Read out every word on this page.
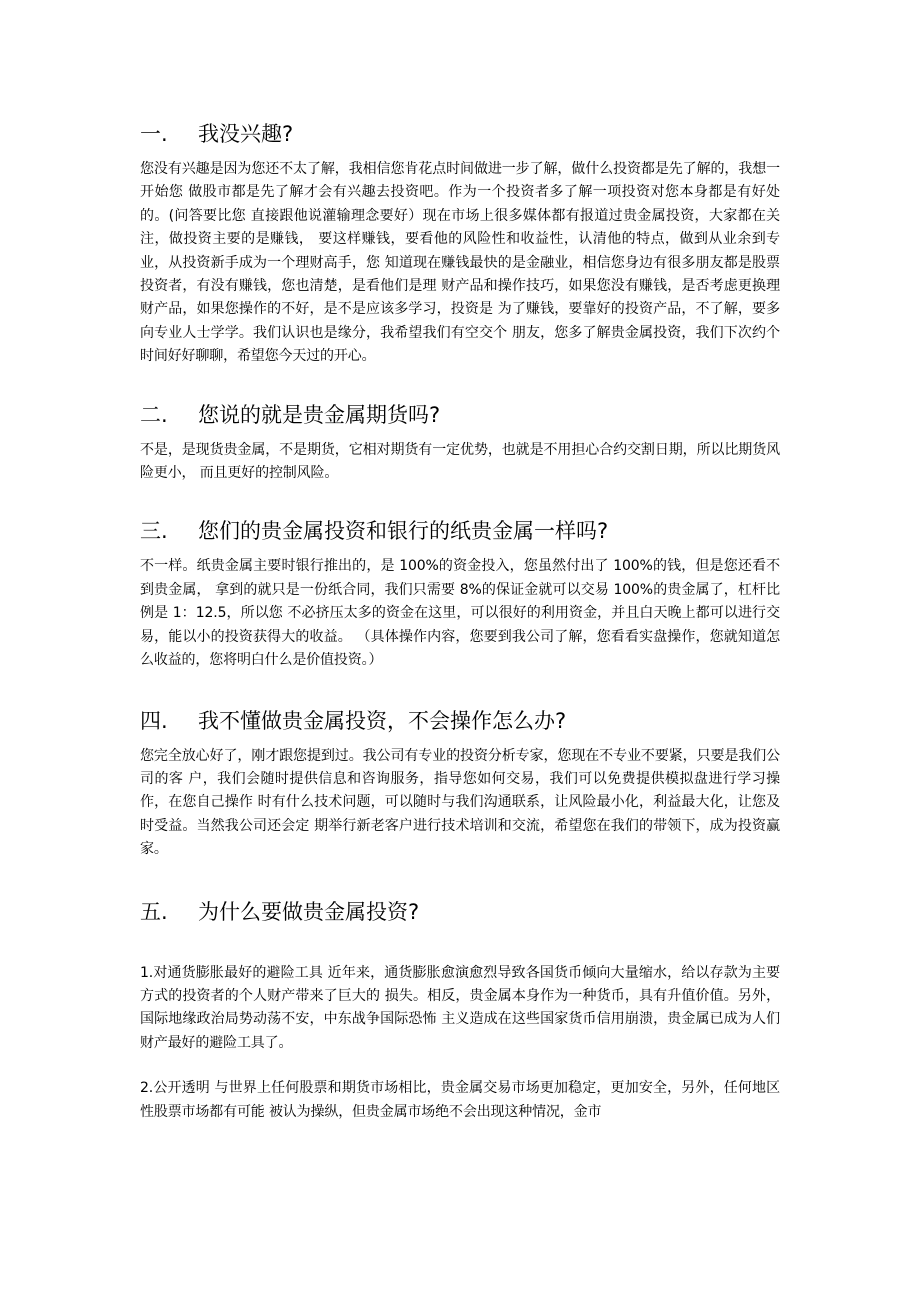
一. 我没兴趣?

您没有兴趣是因为您还不太了解，我相信您肯花点时间做进一步了解，做什么投资都是先了解的，我想一开始您 做股市都是先了解才会有兴趣去投资吧。作为一个投资者多了解一项投资对您本身都是有好处的。(问答要比您 直接跟他说灌输理念要好）现在市场上很多媒体都有报道过贵金属投资，大家都在关注，做投资主要的是赚钱， 要这样赚钱，要看他的风险性和收益性，认清他的特点，做到从业余到专业，从投资新手成为一个理财高手，您 知道现在赚钱最快的是金融业，相信您身边有很多朋友都是股票投资者，有没有赚钱，您也清楚，是看他们是理 财产品和操作技巧，如果您没有赚钱，是否考虑更换理财产品，如果您操作的不好，是不是应该多学习，投资是 为了赚钱，要靠好的投资产品，不了解，要多向专业人士学学。我们认识也是缘分，我希望我们有空交个 朋友，您多了解贵金属投资，我们下次约个时间好好聊聊，希望您今天过的开心。

二. 您说的就是贵金属期货吗?

不是，是现货贵金属，不是期货，它相对期货有一定优势，也就是不用担心合约交割日期，所以比期货风险更小， 而且更好的控制风险。

三. 您们的贵金属投资和银行的纸贵金属一样吗?

不一样。纸贵金属主要时银行推出的，是 100%的资金投入，您虽然付出了 100%的钱，但是您还看不到贵金属， 拿到的就只是一份纸合同，我们只需要 8%的保证金就可以交易 100%的贵金属了，杠杆比例是 1：12.5，所以您 不必挤压太多的资金在这里，可以很好的利用资金，并且白天晚上都可以进行交易，能以小的投资获得大的收益。 （具体操作内容，您要到我公司了解，您看看实盘操作，您就知道怎么收益的，您将明白什么是价值投资。）

四. 我不懂做贵金属投资，不会操作怎么办?

您完全放心好了，刚才跟您提到过。我公司有专业的投资分析专家，您现在不专业不要紧，只要是我们公司的客 户，我们会随时提供信息和咨询服务，指导您如何交易，我们可以免费提供模拟盘进行学习操作，在您自己操作 时有什么技术问题，可以随时与我们沟通联系，让风险最小化，利益最大化，让您及时受益。当然我公司还会定 期举行新老客户进行技术培训和交流，希望您在我们的带领下，成为投资赢家。

五. 为什么要做贵金属投资?

1.对通货膨胀最好的避险工具 近年来，通货膨胀愈演愈烈导致各国货币倾向大量缩水，给以存款为主要方式的投资者的个人财产带来了巨大的 损失。相反，贵金属本身作为一种货币，具有升值价值。另外，国际地缘政治局势动荡不安，中东战争国际恐怖 主义造成在这些国家货币信用崩溃，贵金属已成为人们财产最好的避险工具了。

2.公开透明 与世界上任何股票和期货市场相比，贵金属交易市场更加稳定，更加安全，另外，任何地区性股票市场都有可能 被认为操纵，但贵金属市场绝不会出现这种情况，金市
